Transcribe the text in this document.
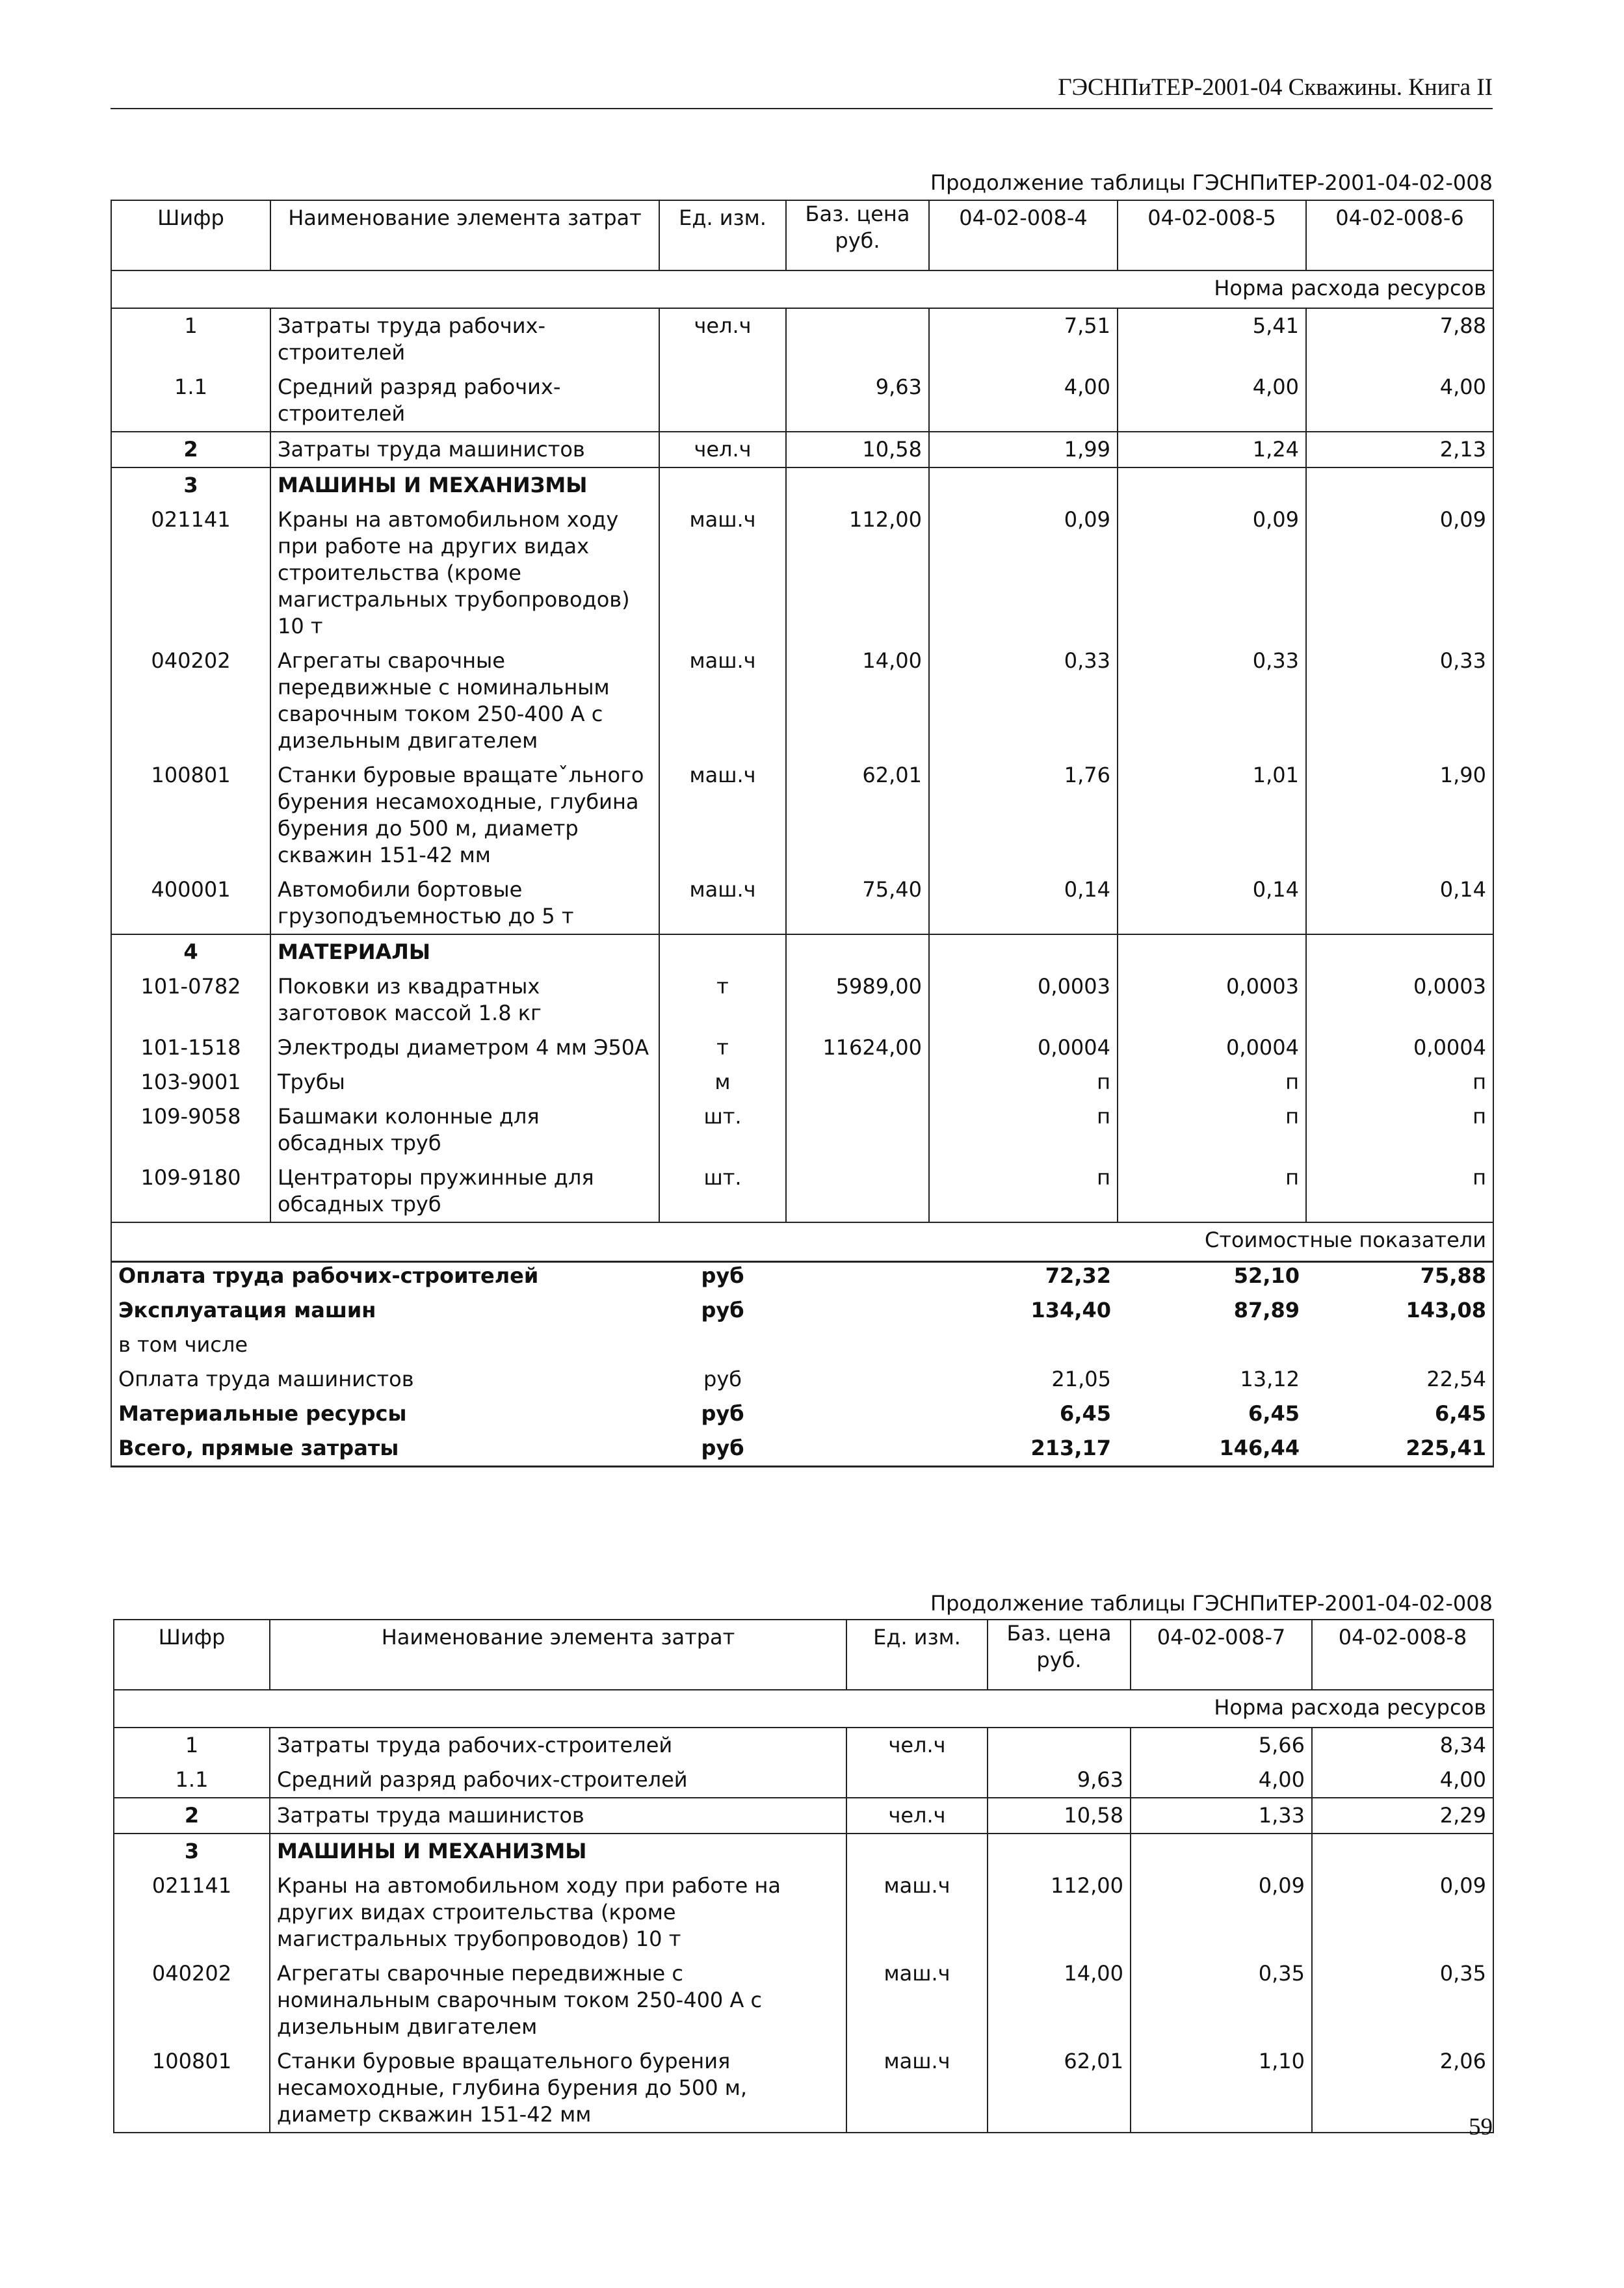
ГЭСНПиТЕР-2001-04 Скважины. Книга II
Продолжение таблицы ГЭСНПиТЕР-2001-04-02-008
Шифр	Наименование элемента затрат	Ед. изм.	Баз. цена руб.	04-02-008-4	04-02-008-5	04-02-008-6
Норма расхода ресурсов						
1	Затраты труда рабочих-строителей	чел.ч		7,51	5,41	7,88
1.1	Средний разряд рабочих-строителей		9,63	4,00	4,00	4,00
2	Затраты труда машинистов	чел.ч	10,58	1,99	1,24	2,13
3	МАШИНЫ И МЕХАНИЗМЫ					
021141	Краны на автомобильном ходу при работе на других видах строительства (кроме магистральных трубопроводов) 10 т	маш.ч	112,00	0,09	0,09	0,09
040202	Агрегаты сварочные передвижные с номинальным сварочным током 250-400 А с дизельным двигателем	маш.ч	14,00	0,33	0,33	0,33
100801	Станки буровые вращатеˇльного бурения несамоходные, глубина бурения до 500 м, диаметр скважин 151-42 мм	маш.ч	62,01	1,76	1,01	1,90
400001	Автомобили бортовые грузоподъемностью до 5 т	маш.ч	75,40	0,14	0,14	0,14
4	МАТЕРИАЛЫ					
101-0782	Поковки из квадратных заготовок массой 1.8 кг	т	5989,00	0,0003	0,0003	0,0003
101-1518	Электроды диаметром 4 мм Э50А	т	11624,00	0,0004	0,0004	0,0004
103-9001	Трубы	м		п	п	п
109-9058	Башмаки колонные для обсадных труб	шт.		п	п	п
109-9180	Центраторы пружинные для обсадных труб	шт.		п	п	п
Стоимостные показатели						
Оплата труда рабочих-строителей		руб		72,32	52,10	75,88
Эксплуатация машин		руб		134,40	87,89	143,08
в том числе						
Оплата труда машинистов		руб		21,05	13,12	22,54
Материальные ресурсы		руб		6,45	6,45	6,45
Всего, прямые затраты		руб		213,17	146,44	225,41
Продолжение таблицы ГЭСНПиТЕР-2001-04-02-008
Шифр	Наименование элемента затрат	Ед. изм.	Баз. цена руб.	04-02-008-7	04-02-008-8
Норма расхода ресурсов					
1	Затраты труда рабочих-строителей	чел.ч		5,66	8,34
1.1	Средний разряд рабочих-строителей		9,63	4,00	4,00
2	Затраты труда машинистов	чел.ч	10,58	1,33	2,29
3	МАШИНЫ И МЕХАНИЗМЫ				
021141	Краны на автомобильном ходу при работе на других видах строительства (кроме магистральных трубопроводов) 10 т	маш.ч	112,00	0,09	0,09
040202	Агрегаты сварочные передвижные с номинальным сварочным током 250-400 А с дизельным двигателем	маш.ч	14,00	0,35	0,35
100801	Станки буровые вращательного бурения несамоходные, глубина бурения до 500 м, диаметр скважин 151-42 мм	маш.ч	62,01	1,10	2,06
59
